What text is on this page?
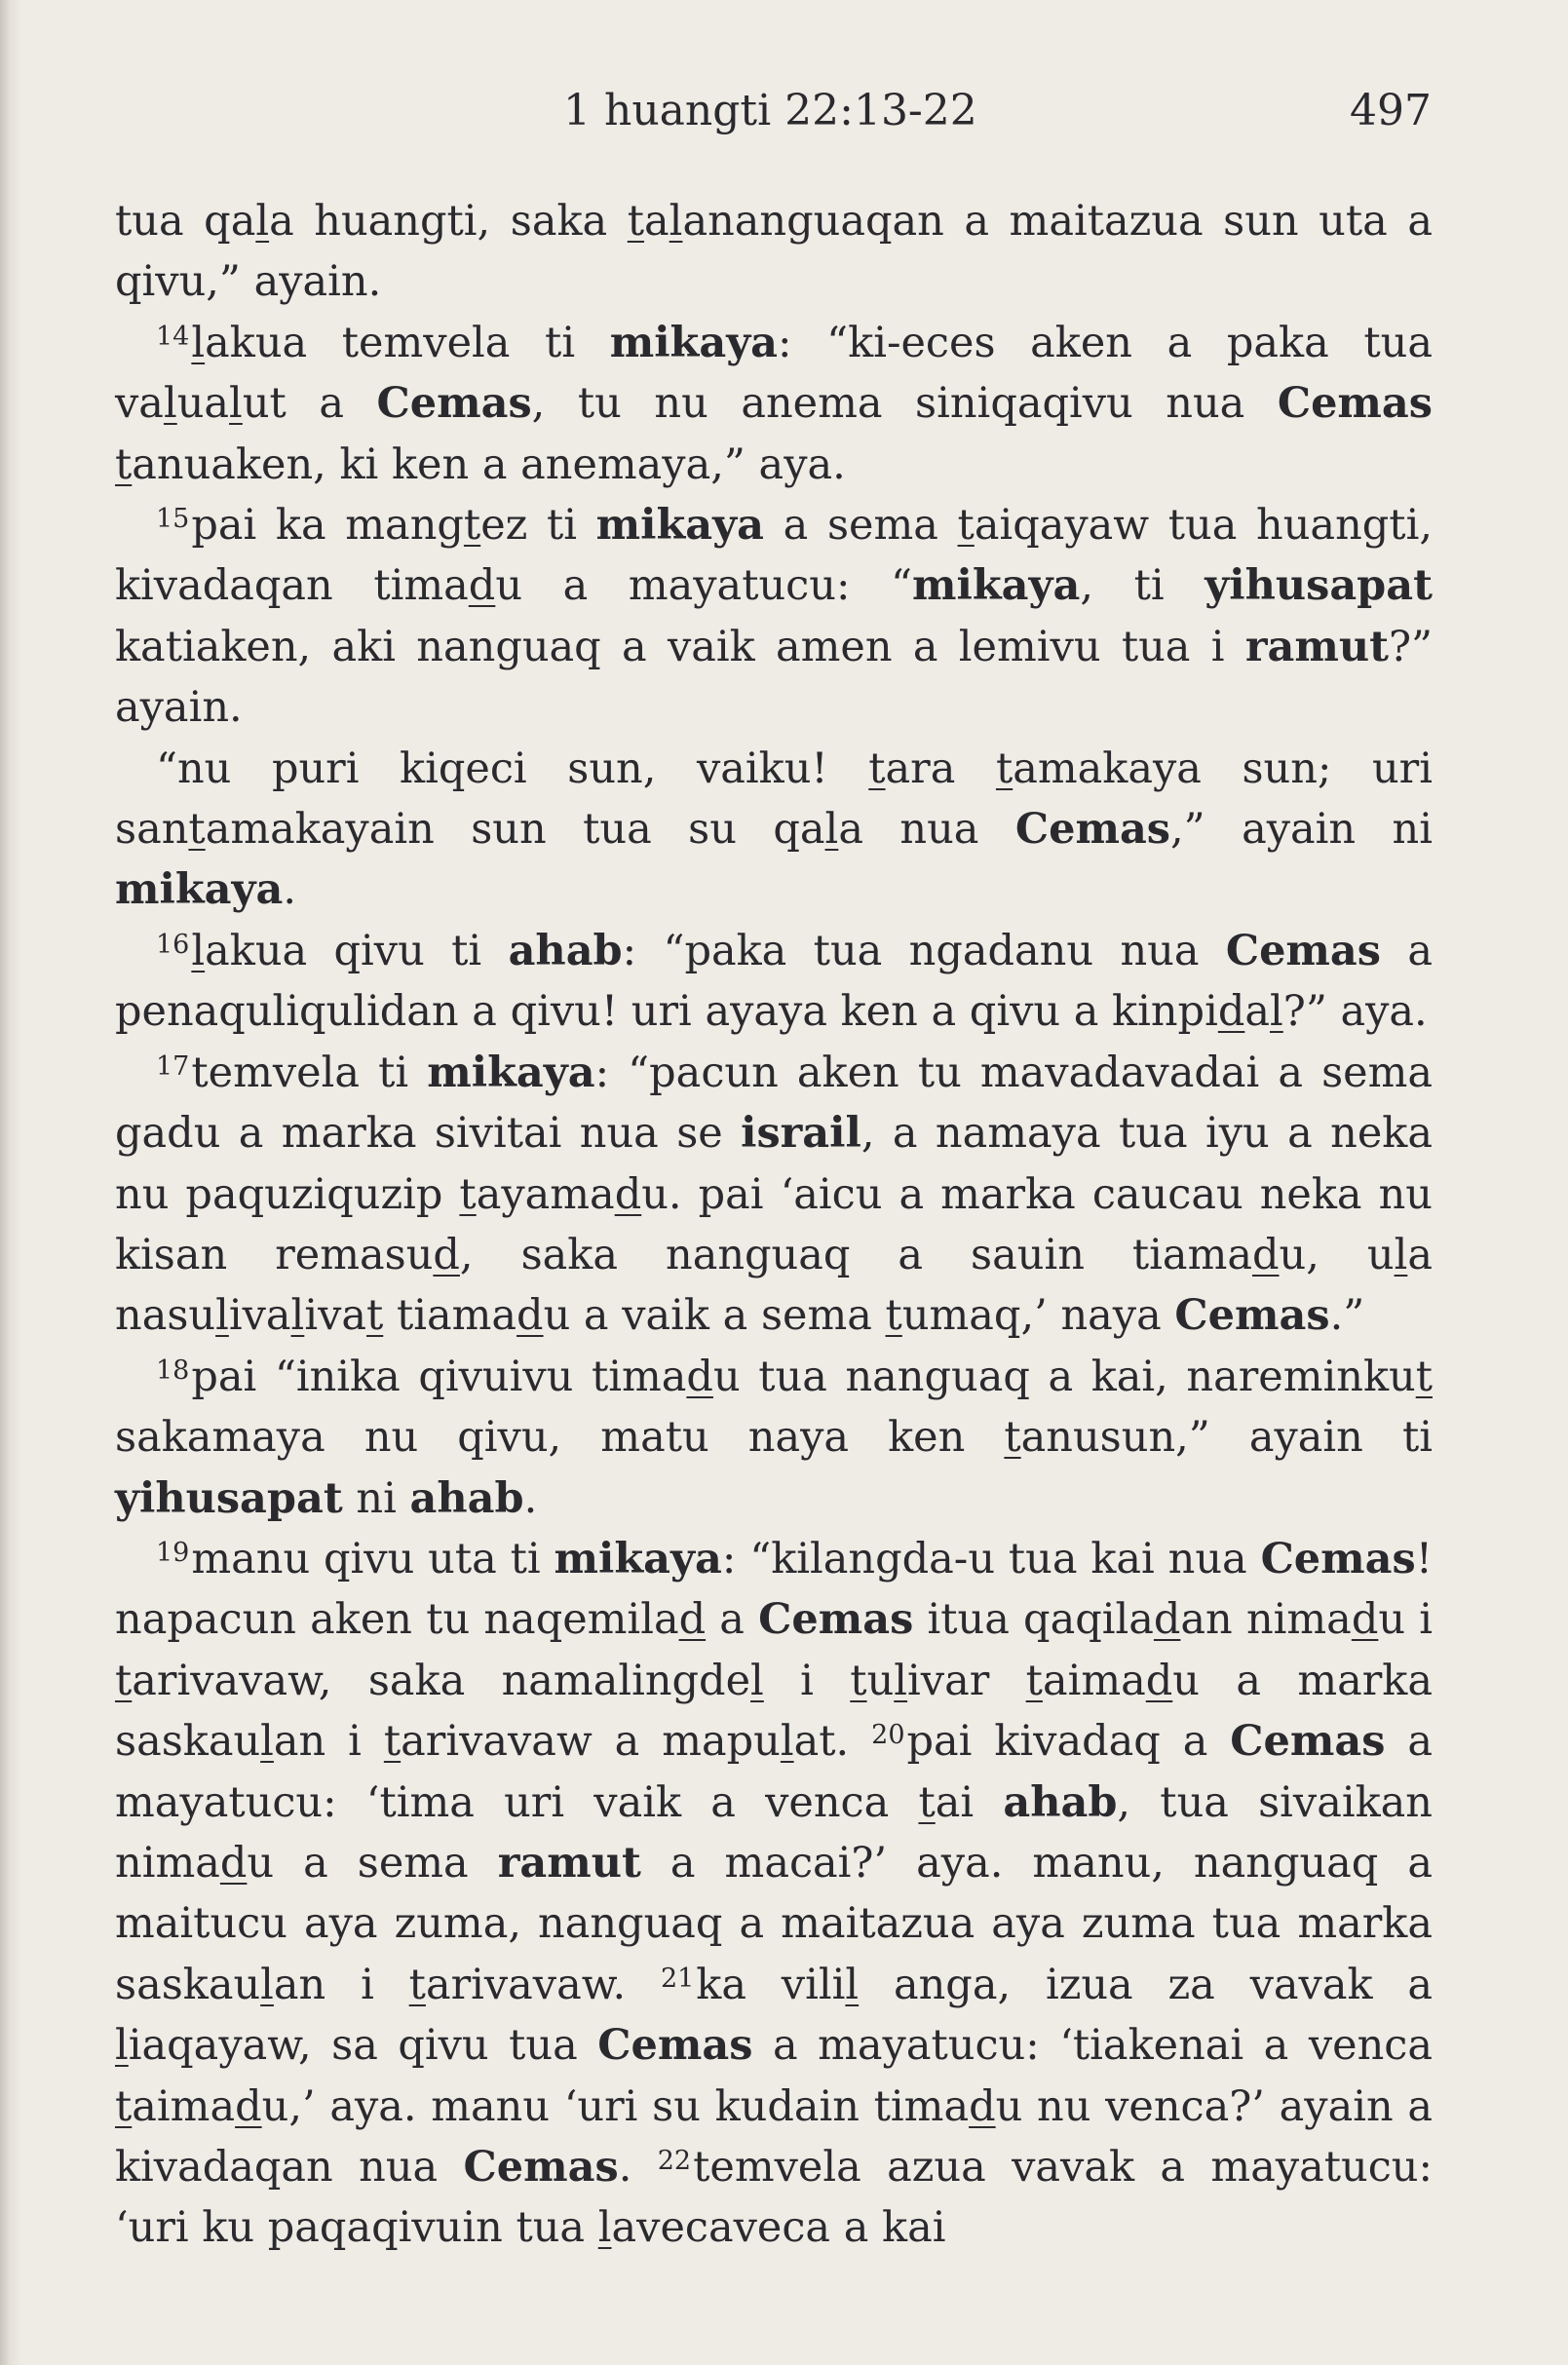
1 huangti 22:13-22	497

tua qala huangti, saka talananguaqan a maitazua sun uta a qivu,” ayain.

$^{14}$lakua temvela ti mikaya: “ki-eces aken a paka tua valualut a Cemas, tu nu anema siniqaqivu nua Cemas tanuaken, ki ken a anemaya,” aya.

$^{15}$pai ka mangtez ti mikaya a sema taiqayaw tua huangti, kivadaqan timadu a mayatucu: “mikaya, ti yihusapat katiaken, aki nanguaq a vaik amen a lemivu tua i ramut?” ayain.

“nu puri kiqeci sun, vaiku! tara tamakaya sun; uri santamakayain sun tua su qala nua Cemas,” ayain ni mikaya.

$^{16}$lakua qivu ti ahab: “paka tua ngadanu nua Cemas a penaquliqulidan a qivu! uri ayaya ken a qivu a kinpidal?” aya.

$^{17}$temvela ti mikaya: “pacun aken tu mavadavadai a sema gadu a marka sivitai nua se israil, a namaya tua iyu a neka nu paquziquzip tayamadu. pai ‘aicu a marka caucau neka nu kisan remasud, saka nanguaq a sauin tiamadu, ula nasulivalivat tiamadu a vaik a sema tumaq,’ naya Cemas.”

$^{18}$pai “inika qivuivu timadu tua nanguaq a kai, nareminkut sakamaya nu qivu, matu naya ken tanusun,” ayain ti yihusapat ni ahab.

$^{19}$manu qivu uta ti mikaya: “kilangda-u tua kai nua Cemas! napacun aken tu naqemilad a Cemas itua qaqiladan nimadu i tarivavaw, saka namalingdel i tulivar taimadu a marka saskaulan i tarivavaw a mapulat. $^{20}$pai kivadaq a Cemas a mayatucu: ‘tima uri vaik a venca tai ahab, tua sivaikan nimadu a sema ramut a macai?’ aya. manu, nanguaq a maitucu aya zuma, nanguaq a maitazua aya zuma tua marka saskaulan i tarivavaw. $^{21}$ka vilil anga, izua za vavak a liaqayaw, sa qivu tua Cemas a mayatucu: ‘tiakenai a venca taimadu,’ aya. manu ‘uri su kudain timadu nu venca?’ ayain a kivadaqan nua Cemas. $^{22}$temvela azua vavak a mayatucu: ‘uri ku paqaqivuin tua lavecaveca a kai
